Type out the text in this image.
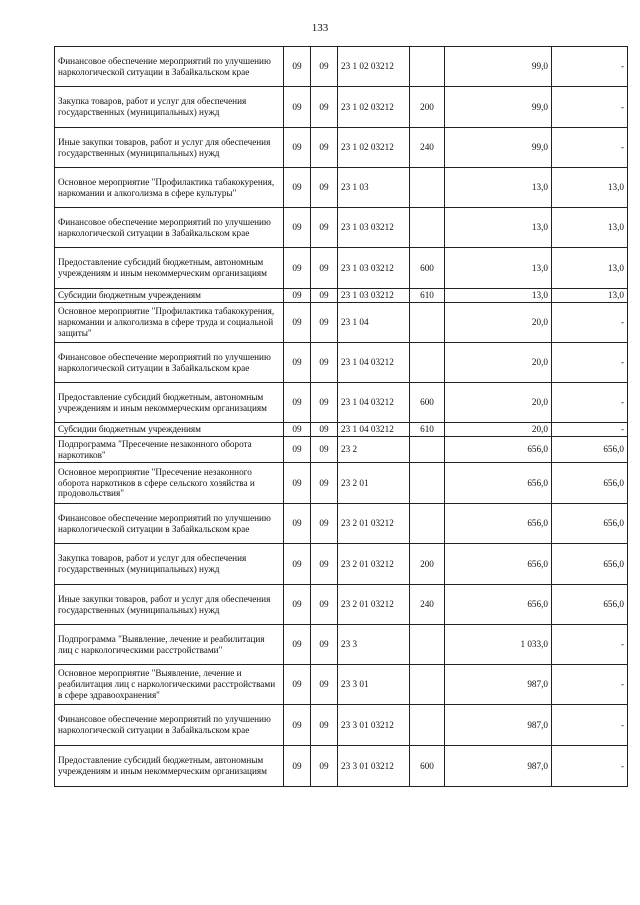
133
Финансовое обеспечение мероприятий по улучшению наркологической ситуации в Забайкальском крае	09	09	23 1 02 03212		99,0	-
Закупка товаров, работ и услуг для обеспечения государственных (муниципальных) нужд	09	09	23 1 02 03212	200	99,0	-
Иные закупки товаров, работ и услуг для обеспечения государственных (муниципальных) нужд	09	09	23 1 02 03212	240	99,0	-
Основное мероприятие "Профилактика табакокурения, наркомании и алкоголизма в сфере культуры"	09	09	23 1 03		13,0	13,0
Финансовое обеспечение мероприятий по улучшению наркологической ситуации в Забайкальском крае	09	09	23 1 03 03212		13,0	13,0
Предоставление субсидий бюджетным, автономным учреждениям и иным некоммерческим организациям	09	09	23 1 03 03212	600	13,0	13,0
Субсидии бюджетным учреждениям	09	09	23 1 03 03212	610	13,0	13,0
Основное мероприятие "Профилактика табакокурения, наркомании и алкоголизма в сфере труда и социальной защиты"	09	09	23 1 04		20,0	-
Финансовое обеспечение мероприятий по улучшению наркологической ситуации в Забайкальском крае	09	09	23 1 04 03212		20,0	-
Предоставление субсидий бюджетным, автономным учреждениям и иным некоммерческим организациям	09	09	23 1 04 03212	600	20,0	-
Субсидии бюджетным учреждениям	09	09	23 1 04 03212	610	20,0	-
Подпрограмма "Пресечение незаконного оборота наркотиков"	09	09	23 2		656,0	656,0
Основное мероприятие "Пресечение незаконного оборота наркотиков в сфере сельского хозяйства и продовольствия"	09	09	23 2 01		656,0	656,0
Финансовое обеспечение мероприятий по улучшению наркологической ситуации в Забайкальском крае	09	09	23 2 01 03212		656,0	656,0
Закупка товаров, работ и услуг для обеспечения государственных (муниципальных) нужд	09	09	23 2 01 03212	200	656,0	656,0
Иные закупки товаров, работ и услуг для обеспечения государственных (муниципальных) нужд	09	09	23 2 01 03212	240	656,0	656,0
Подпрограмма "Выявление, лечение и реабилитация лиц с наркологическими расстройствами"	09	09	23 3		1 033,0	-
Основное мероприятие "Выявление, лечение и реабилитация лиц с наркологическими расстройствами в сфере здравоохранения"	09	09	23 3 01		987,0	-
Финансовое обеспечение мероприятий по улучшению наркологической ситуации в Забайкальском крае	09	09	23 3 01 03212		987,0	-
Предоставление субсидий бюджетным, автономным учреждениям и иным некоммерческим организациям	09	09	23 3 01 03212	600	987,0	-
